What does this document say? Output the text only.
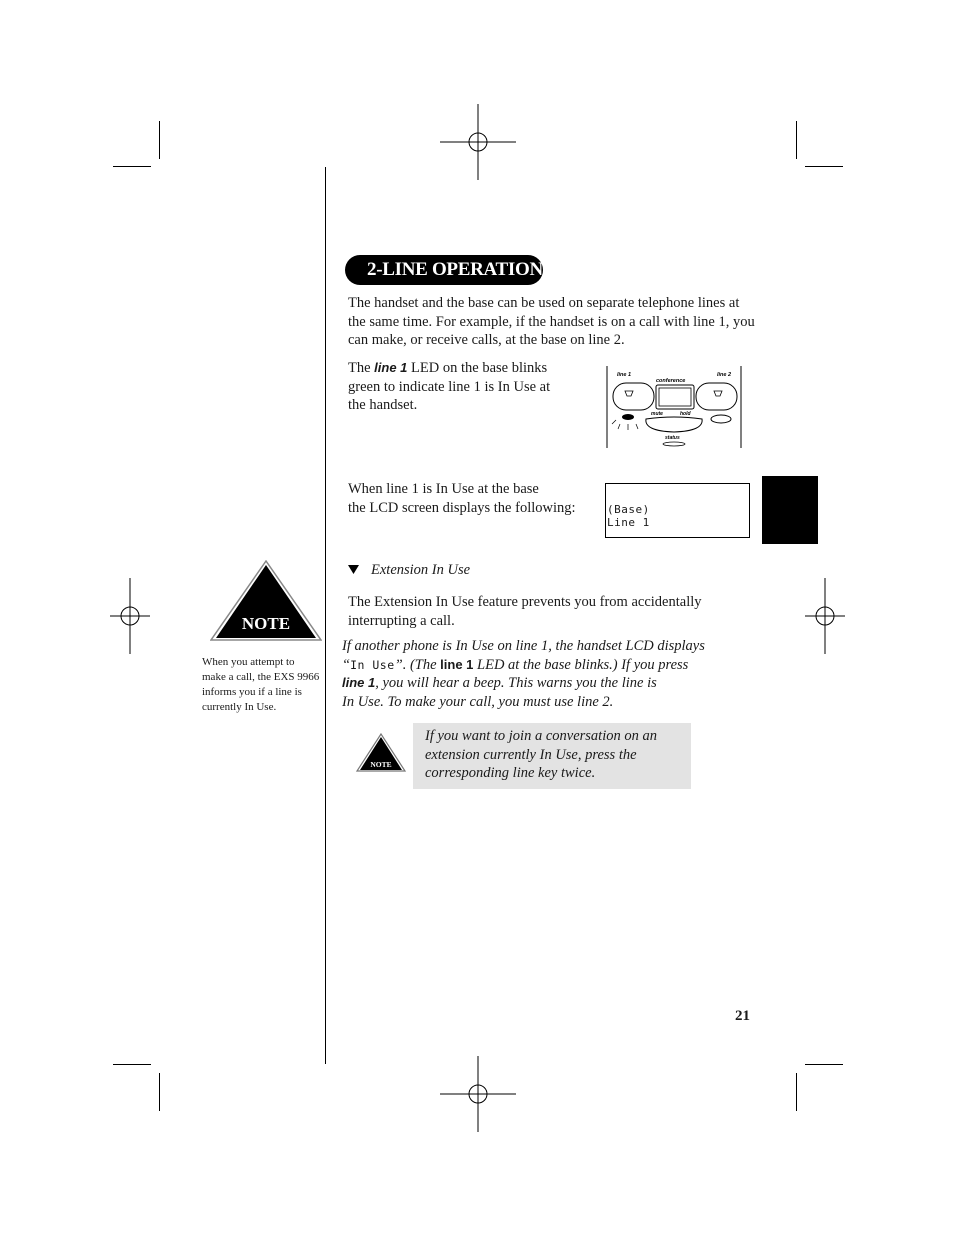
2-LINE OPERATION
The handset and the base can be used on separate telephone lines at
the same time. For example, if the handset is on a call with line 1, you
can make, or receive calls, at the base on line 2.
The line 1 LED on the base blinks
green to indicate line 1 is In Use at
the handset.
line 1	line 2
conference
mute	hold
status
When line 1 is In Use at the base
the LCD screen displays the following:	(Base)
Line 1
Extension In Use
The Extension In Use feature prevents you from accidentally
interrupting a call.
If another phone is In Use on line 1, the handset LCD displays
“In Use”. (The line 1 LED at the base blinks.) If you press
line 1, you will hear a beep. This warns you the line is
In Use. To make your call, you must use line 2.
NOTE
If you want to join a conversation on an
extension currently In Use, press the
corresponding line key twice.
NOTE
When you attempt to
make a call, the EXS 9966
informs you if a line is
currently In Use.
21
